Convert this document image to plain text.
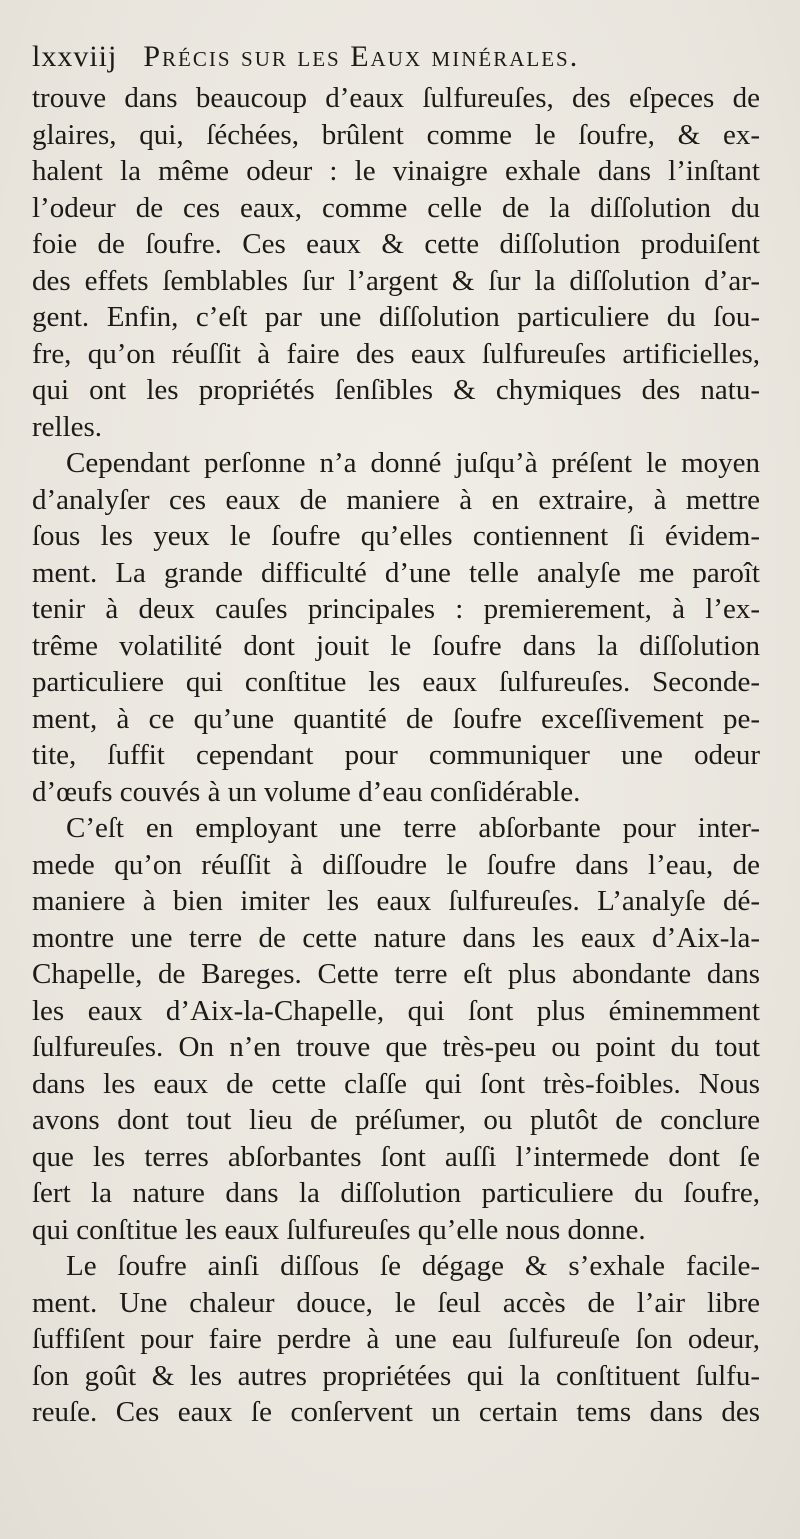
lxxviij Précis sur les Eaux minérales.
trouve dans beaucoup d’eaux ſulfureuſes, des eſpeces de
glaires, qui, ſéchées, brûlent comme le ſoufre, & ex-
halent la même odeur : le vinaigre exhale dans l’inſtant
l’odeur de ces eaux, comme celle de la diſſolution du
foie de ſoufre. Ces eaux & cette diſſolution produiſent
des effets ſemblables ſur l’argent & ſur la diſſolution d’ar-
gent. Enfin, c’eſt par une diſſolution particuliere du ſou-
fre, qu’on réuſſit à faire des eaux ſulfureuſes artificielles,
qui ont les propriétés ſenſibles & chymiques des natu-
relles.
Cependant perſonne n’a donné juſqu’à préſent le moyen
d’analyſer ces eaux de maniere à en extraire, à mettre
ſous les yeux le ſoufre qu’elles contiennent ſi évidem-
ment. La grande difficulté d’une telle analyſe me paroît
tenir à deux cauſes principales : premierement, à l’ex-
trême volatilité dont jouit le ſoufre dans la diſſolution
particuliere qui conſtitue les eaux ſulfureuſes. Seconde-
ment, à ce qu’une quantité de ſoufre exceſſivement pe-
tite, ſuffit cependant pour communiquer une odeur
d’œufs couvés à un volume d’eau conſidérable.
C’eſt en employant une terre abſorbante pour inter-
mede qu’on réuſſit à diſſoudre le ſoufre dans l’eau, de
maniere à bien imiter les eaux ſulfureuſes. L’analyſe dé-
montre une terre de cette nature dans les eaux d’Aix-la-
Chapelle, de Bareges. Cette terre eſt plus abondante dans
les eaux d’Aix-la-Chapelle, qui ſont plus éminemment
ſulfureuſes. On n’en trouve que très-peu ou point du tout
dans les eaux de cette claſſe qui ſont très-foibles. Nous
avons dont tout lieu de préſumer, ou plutôt de conclure
que les terres abſorbantes ſont auſſi l’intermede dont ſe
ſert la nature dans la diſſolution particuliere du ſoufre,
qui conſtitue les eaux ſulfureuſes qu’elle nous donne.
Le ſoufre ainſi diſſous ſe dégage & s’exhale facile-
ment. Une chaleur douce, le ſeul accès de l’air libre
ſuffiſent pour faire perdre à une eau ſulfureuſe ſon odeur,
ſon goût & les autres propriétées qui la conſtituent ſulfu-
reuſe. Ces eaux ſe conſervent un certain tems dans des
